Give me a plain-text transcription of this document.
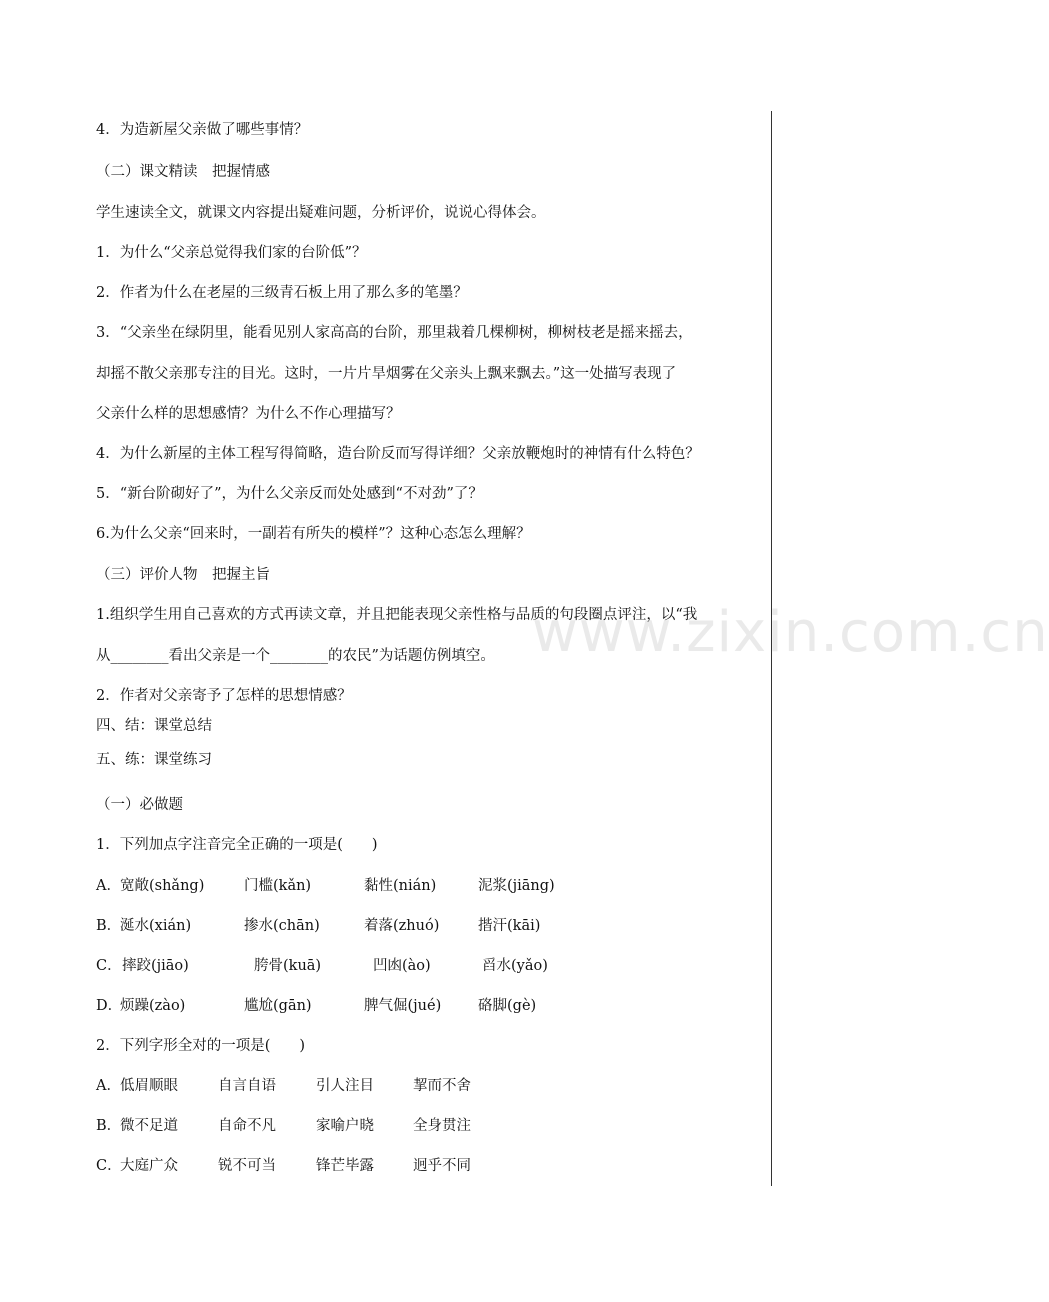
www.zixin.com.cn
4．为造新屋父亲做了哪些事情？
（二）课文精读　把握情感
学生速读全文，就课文内容提出疑难问题，分析评价，说说心得体会。
1．为什么“父亲总觉得我们家的台阶低”？
2．作者为什么在老屋的三级青石板上用了那么多的笔墨？
3．“父亲坐在绿阴里，能看见别人家高高的台阶，那里栽着几棵柳树，柳树枝老是摇来摇去，
却摇不散父亲那专注的目光。这时，一片片旱烟雾在父亲头上飘来飘去。”这一处描写表现了
父亲什么样的思想感情？为什么不作心理描写？
4．为什么新屋的主体工程写得简略，造台阶反而写得详细？父亲放鞭炮时的神情有什么特色？
5．“新台阶砌好了”，为什么父亲反而处处感到“不对劲”了？
6.为什么父亲“回来时，一副若有所失的模样”？这种心态怎么理解？
（三）评价人物　把握主旨
1.组织学生用自己喜欢的方式再读文章，并且把能表现父亲性格与品质的句段圈点评注，以“我
从________看出父亲是一个________的农民”为话题仿例填空。
2．作者对父亲寄予了怎样的思想情感？
四、结：课堂总结
五、练：课堂练习
（一）必做题
1．下列加点字注音完全正确的一项是(　　)
A． 宽敞(shǎng)	门槛(kǎn)	黏性(nián)	泥浆(jiāng)
B．
涎水(xián)	掺水(chān)	着落(zhuó)	揩汗(kāi)
C． 摔跤(jiāo)	胯骨(kuā)	凹凼(ào)	舀水(yǎo)
D．
烦躁(zào)	尴尬(gān)	脾气倔(jué)	硌脚(gè)
2．下列字形全对的一项是(　　)
A． 低眉顺眼	自言自语	引人注目	挈而不舍
B．
微不足道	自命不凡	家喻户晓	全身贯注
C．
大庭广众	锐不可当	锋芒毕露	迥乎不同
